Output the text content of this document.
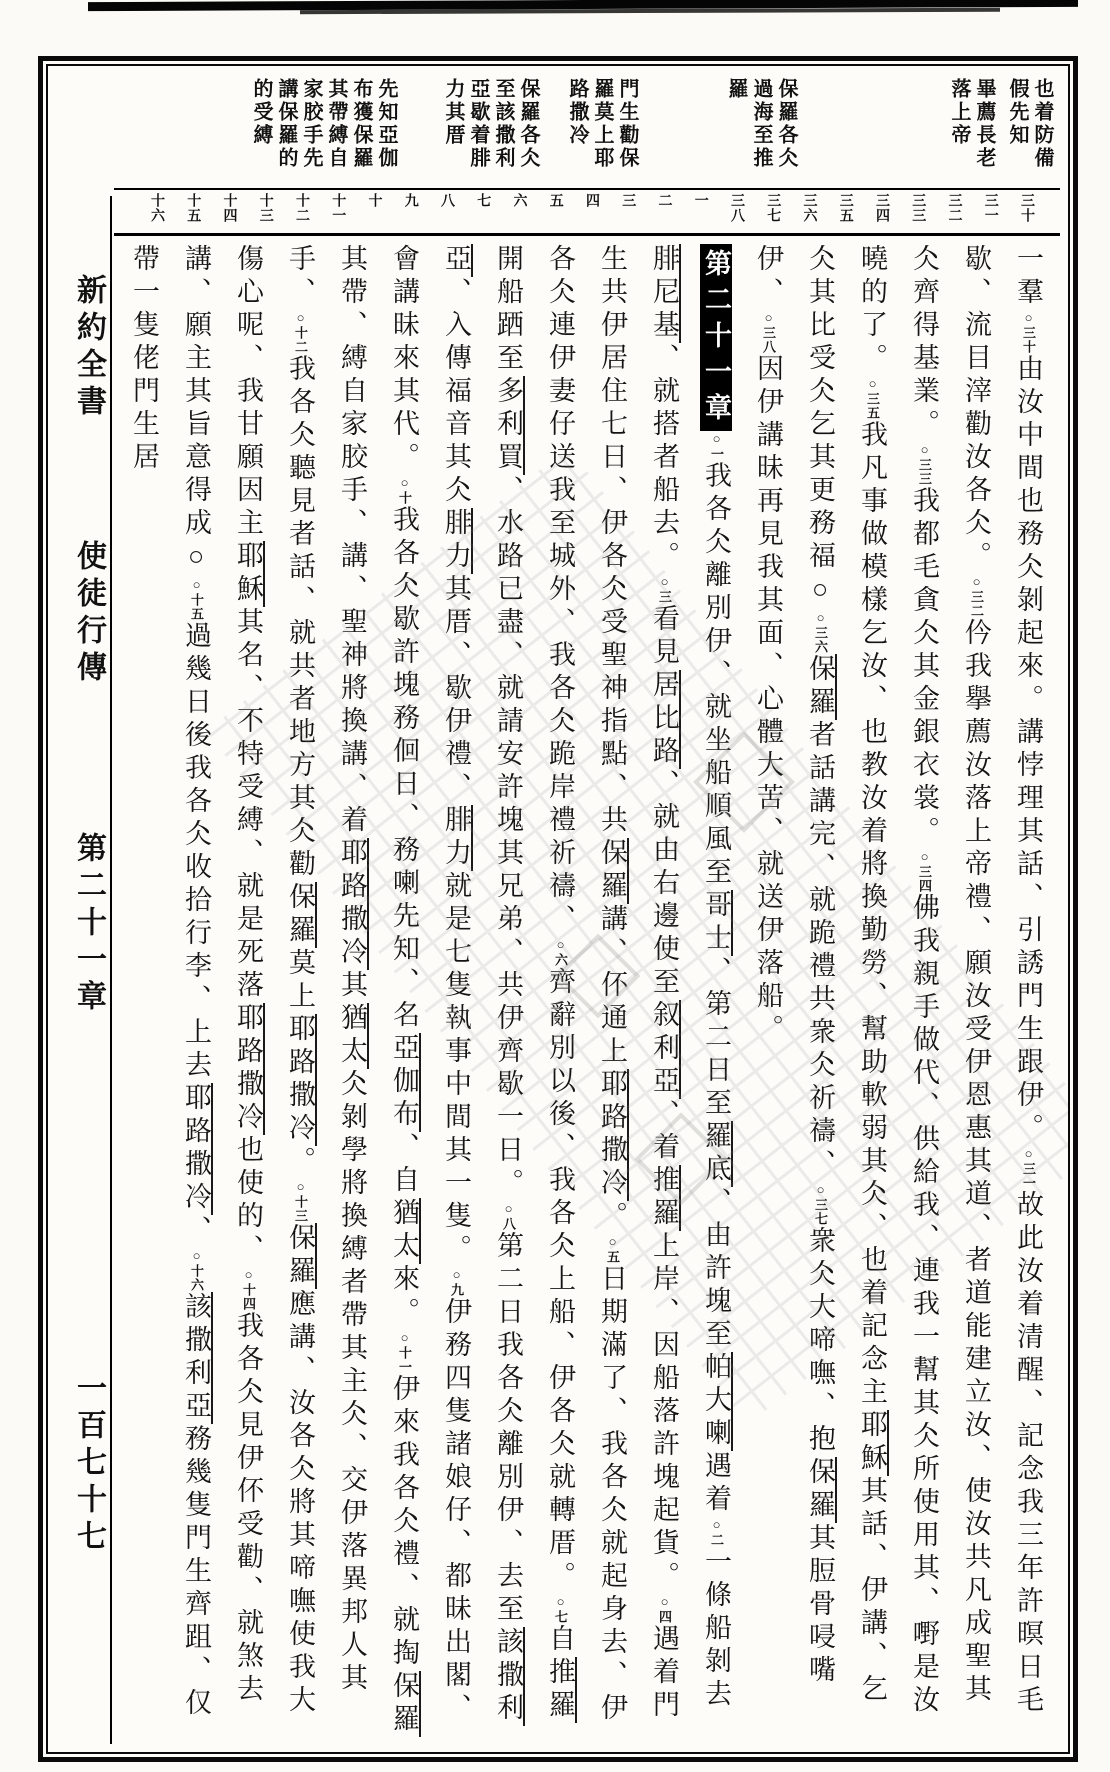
也着防備
假先知
畢薦長老
落上帝
保羅各仌
過海至推
羅
門生勸保
羅莫上耶
路撒冷
保羅各仌
至該撒利
亞歇着腓
力其厝
先知亞伽
布獲保羅
其帶縛自
家胶手先
講保羅的
的受縛
三十
三一
三二
三三
三四
三五
三六
三七
三八
一
二
三
四
五
六
七
八
九
十
十一
十二
十三
十四
十五
十六
新約全書
使徒行傳
第二十一章
一百七十七
一羣○三十由汝中間也務仌剝起來。講悖理其話、引誘門生跟伊。○三一故此汝着清醒、記念我三年許暝日毛歇、流目滓勸汝各仌。○三二仱我擧薦汝落上帝禮、願汝受伊恩惠其道、者道能建立汝、使汝共凡成聖其仌齊得基業。○三三我都毛貪仌其金銀衣裳。○三四佛我親手做代、供給我、連我一幫其仌所使用其、嘢是汝曉的了。○三五我凡事做模樣乞汝、也教汝着將換勤勞、幫助軟弱其仌、也着記念主耶穌其話、伊講、乞仌其比受仌乞其更務福○○三六保羅者話講完、就跪禮共衆仌祈禱、○三七衆仌大啼嘸、抱保羅其脰骨唚嘴伊、○三八因伊講昧再見我其面、心體大苦、就送伊落船。
第二十一章○一我各仌離別伊、就坐船順風至哥士、第二日至羅底、由許塊至帕大喇遇着○二一條船剝去腓尼基、就搭者船去。○三看見居比路、就由右邊使至叙利亞、着推羅上岸、因船落許塊起貨。○四遇着門生共伊居住七日、伊各仌受聖神指點、共保羅講、伓通上耶路撒冷。○五日期滿了、我各仌就起身去、伊各仌連伊妻仔送我至城外、我各仌跪岸禮祈禱、○六齊辭別以後、我各仌上船、伊各仌就轉厝。○七自推羅開船跴至多利買、水路已盡、就請安許塊其兄弟、共伊齊歇一日。○八第二日我各仌離別伊、去至該撒利亞、入傳福音其仌腓力其厝、歇伊禮、腓力就是七隻執事中間其一隻。○九伊務四隻諸娘仔、都昧出閣、會講昧來其代。○十我各仌歇許塊務佪日、務喇先知、名亞伽布、自猶太來。○十一伊來我各仌禮、就掏保羅其帶、縛自家胶手、講、聖神將換講、着耶路撒冷其猶太仌剝學將換縛者帶其主仌、交伊落異邦人其手、○十二我各仌聽見者話、就共者地方其仌勸保羅莫上耶路撒冷。○十三保羅應講、汝各仌將其啼嘸使我大傷心呢、我甘願因主耶穌其名、不特受縛、就是死落耶路撒冷也使的、○十四我各仌見伊伓受勸、就煞去講、願主其旨意得成○○十五過幾日後我各仌收拾行李、上去耶路撒冷、○十六該撒利亞務幾隻門生齊跙、仅帶一隻佬門生居
